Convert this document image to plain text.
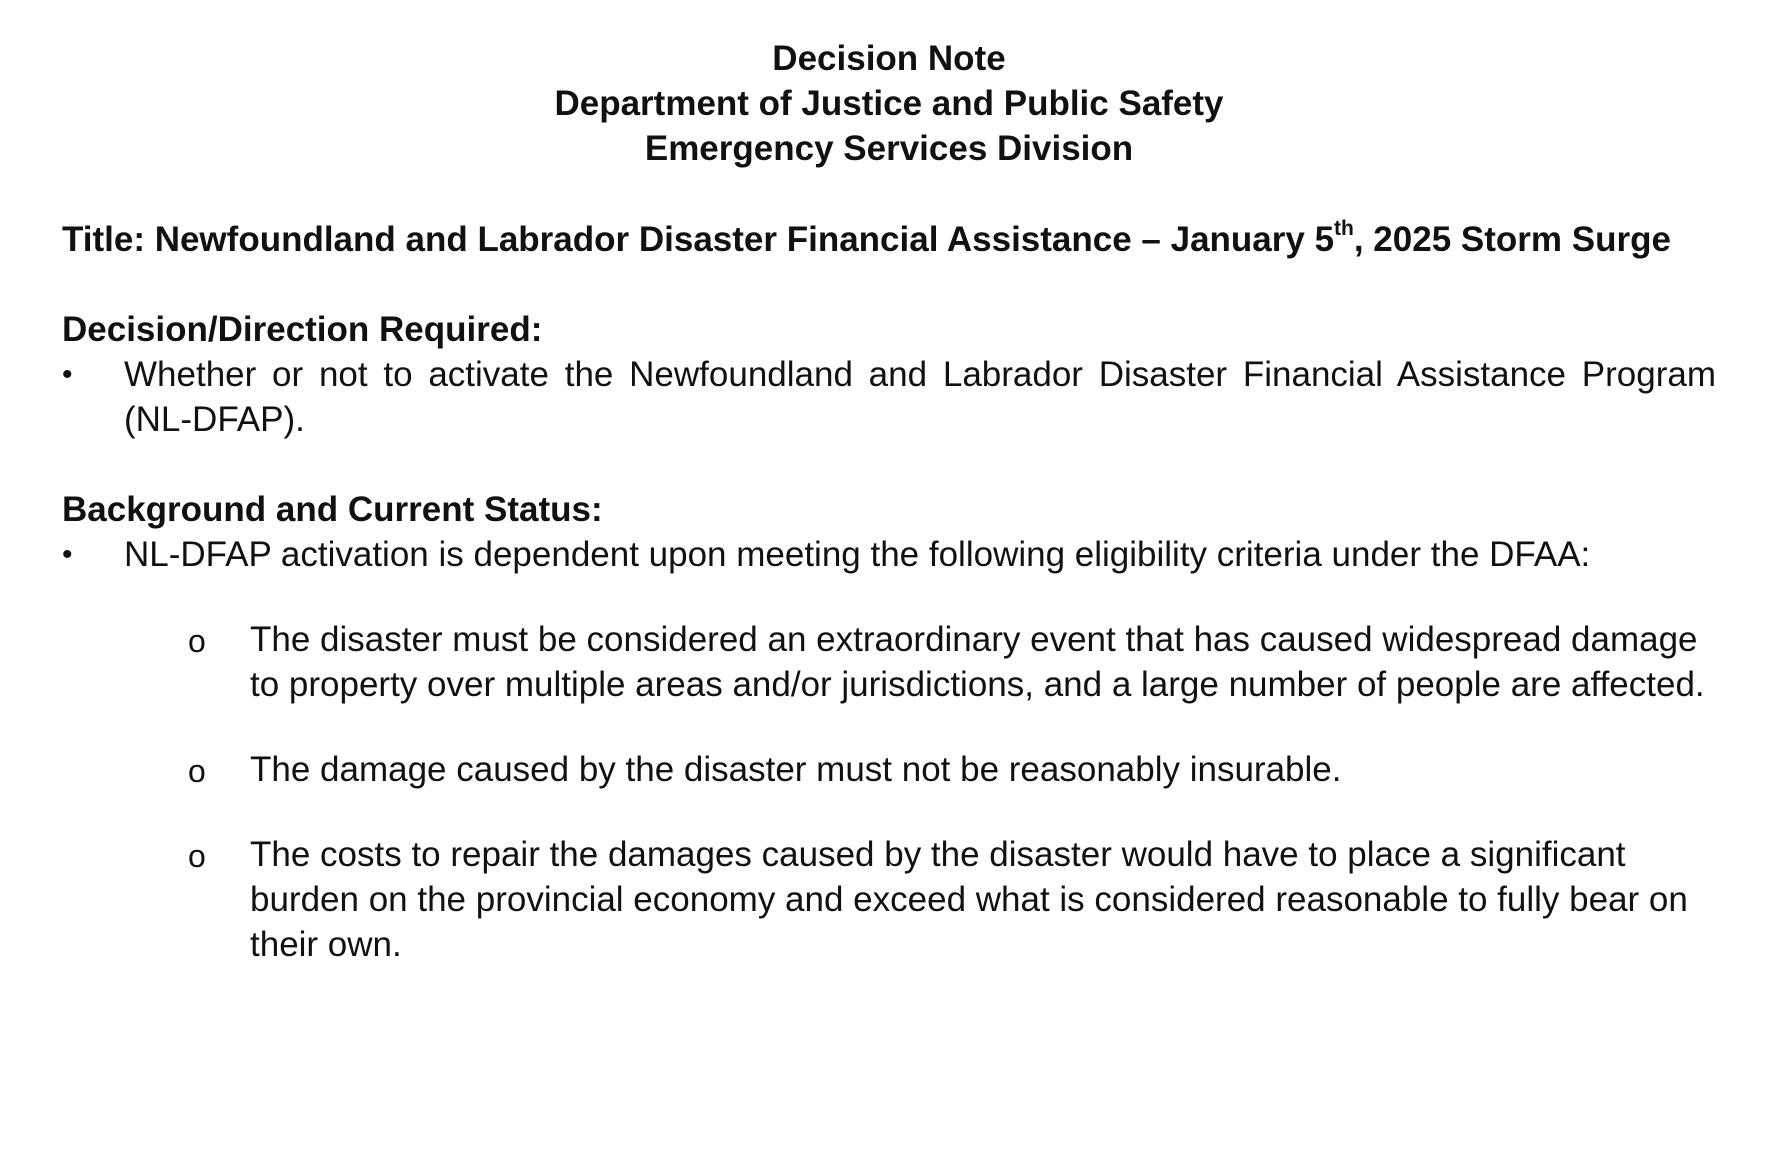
Decision Note
Department of Justice and Public Safety
Emergency Services Division
Title: Newfoundland and Labrador Disaster Financial Assistance – January 5th, 2025 Storm Surge
Decision/Direction Required:
•	Whether or not to activate the Newfoundland and Labrador Disaster Financial Assistance Program (NL-DFAP).
Background and Current Status:
•	NL-DFAP activation is dependent upon meeting the following eligibility criteria under the DFAA:
o The disaster must be considered an extraordinary event that has caused widespread damage to property over multiple areas and/or jurisdictions, and a large number of people are affected.
o The damage caused by the disaster must not be reasonably insurable.
o The costs to repair the damages caused by the disaster would have to place a significant burden on the provincial economy and exceed what is considered reasonable to fully bear on their own.
